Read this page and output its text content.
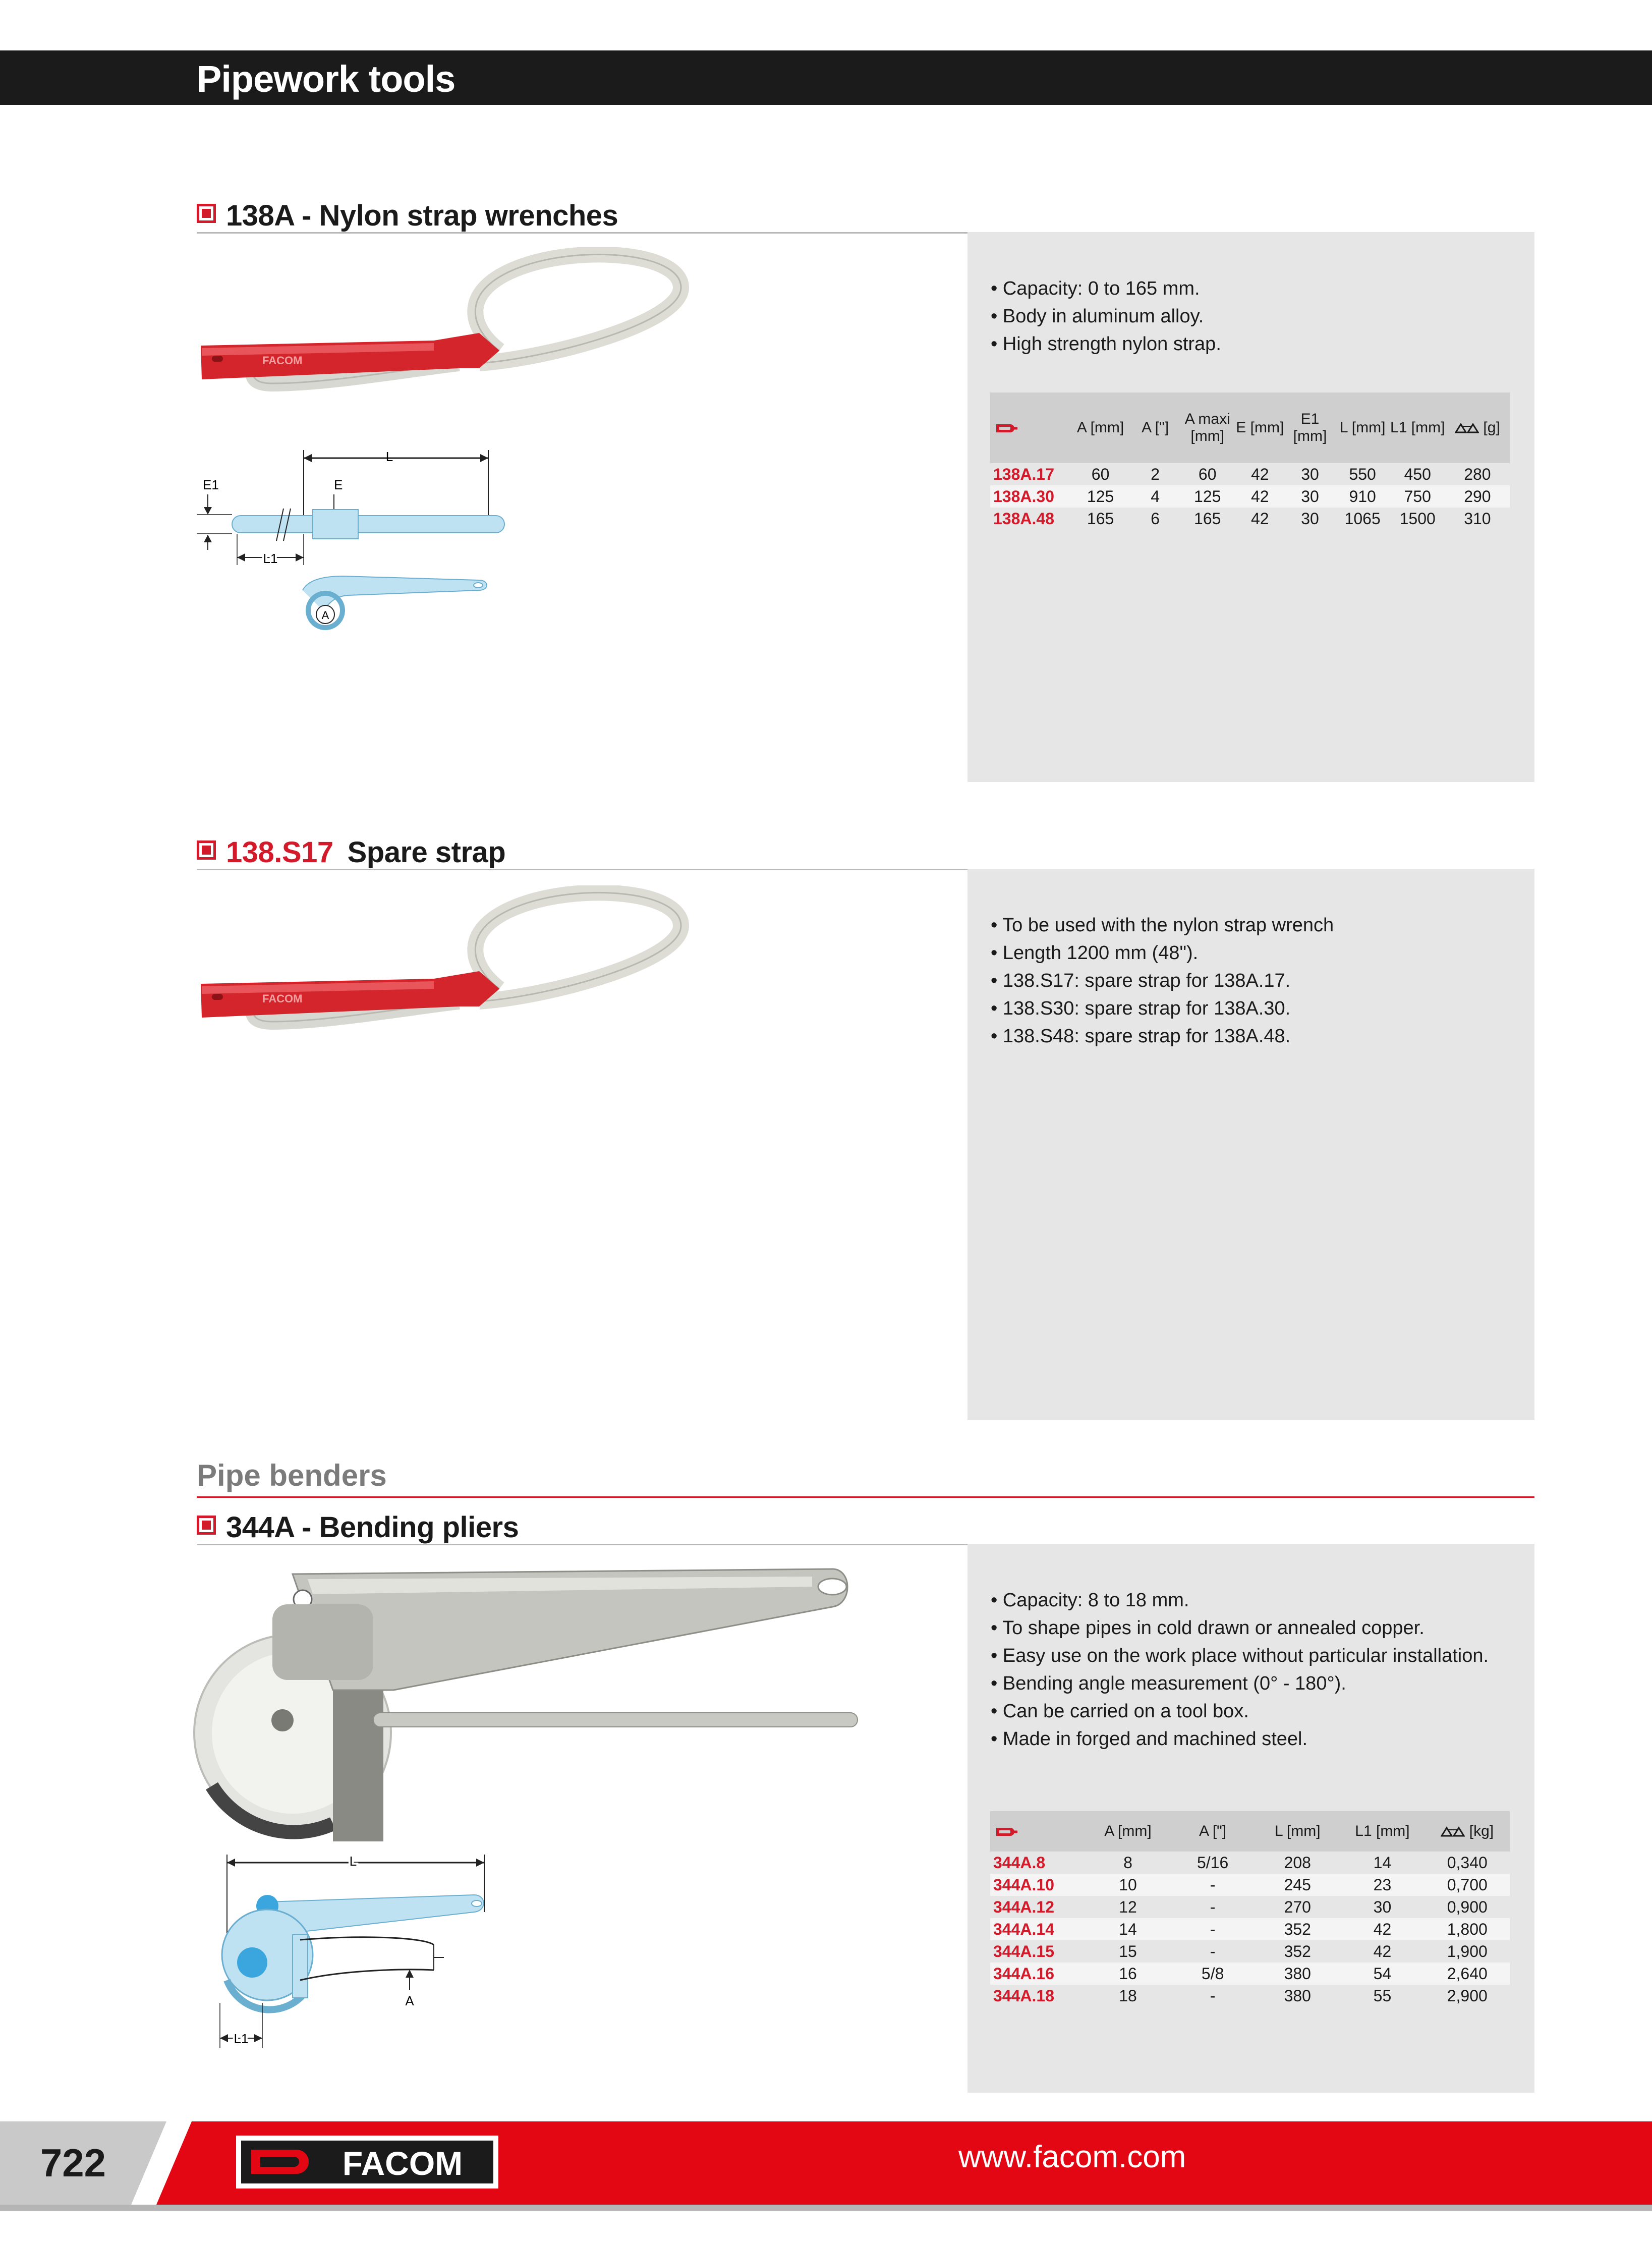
Pipework tools
138A - Nylon strap wrenches
FACOM
L
E1	E
L1
A
• Capacity: 0 to 165 mm.
• Body in aluminum alloy.
• High strength nylon strap.
	A [mm]	A ["]	A maxi [mm]	E [mm]	E1 [mm]	L [mm]	L1 [mm]	[g]
138A.17	60	2	60	42	30	550	450	280
138A.30	125	4	125	42	30	910	750	290
138A.48	165	6	165	42	30	1065	1500	310
138.S17 Spare strap
FACOM
• To be used with the nylon strap wrench
• Length 1200 mm (48").
• 138.S17: spare strap for 138A.17.
• 138.S30: spare strap for 138A.30.
• 138.S48: spare strap for 138A.48.
Pipe benders
344A - Bending pliers
L
A
L1
• Capacity: 8 to 18 mm.
• To shape pipes in cold drawn or annealed copper.
• Easy use on the work place without particular installation.
• Bending angle measurement (0° - 180°).
• Can be carried on a tool box.
• Made in forged and machined steel.
	A [mm]	A ["]	L [mm]	L1 [mm]	[kg]
344A.8	8	5/16	208	14	0,340
344A.10	10	-	245	23	0,700
344A.12	12	-	270	30	0,900
344A.14	14	-	352	42	1,800
344A.15	15	-	352	42	1,900
344A.16	16	5/8	380	54	2,640
344A.18	18	-	380	55	2,900
722	FACOM	www.facom.com
